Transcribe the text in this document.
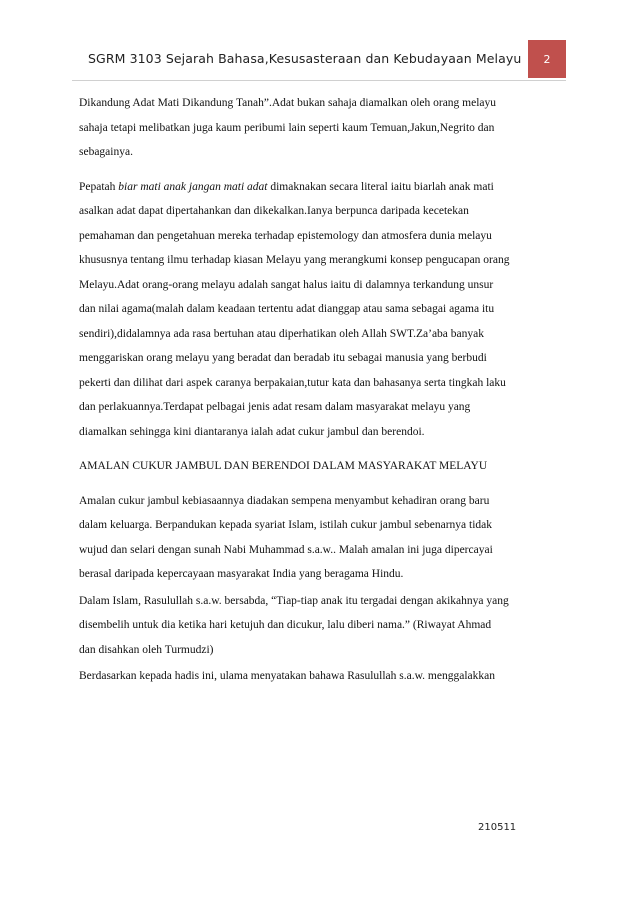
SGRM 3103 Sejarah Bahasa,Kesusasteraan dan Kebudayaan Melayu	2
Dikandung Adat Mati Dikandung Tanah”.Adat bukan sahaja diamalkan oleh orang melayu
sahaja tetapi melibatkan juga kaum peribumi lain seperti kaum Temuan,Jakun,Negrito dan
sebagainya.
Pepatah biar mati anak jangan mati adat dimaknakan secara literal iaitu biarlah anak mati
asalkan adat dapat dipertahankan dan dikekalkan.Ianya berpunca daripada kecetekan
pemahaman dan pengetahuan mereka terhadap epistemology dan atmosfera dunia melayu
khususnya tentang ilmu terhadap kiasan Melayu yang merangkumi konsep pengucapan orang
Melayu.Adat orang-orang melayu adalah sangat halus iaitu di dalamnya terkandung unsur
dan nilai agama(malah dalam keadaan tertentu adat dianggap atau sama sebagai agama itu
sendiri),didalamnya ada rasa bertuhan atau diperhatikan oleh Allah SWT.Za’aba banyak
menggariskan orang melayu yang beradat dan beradab itu sebagai manusia yang berbudi
pekerti dan dilihat dari aspek caranya berpakaian,tutur kata dan bahasanya serta tingkah laku
dan perlakuannya.Terdapat pelbagai jenis adat resam dalam masyarakat melayu yang
diamalkan sehingga kini diantaranya ialah adat cukur jambul dan berendoi.
AMALAN CUKUR JAMBUL DAN BERENDOI DALAM MASYARAKAT MELAYU
Amalan cukur jambul kebiasaannya diadakan sempena menyambut kehadiran orang baru
dalam keluarga. Berpandukan kepada syariat Islam, istilah cukur jambul sebenarnya tidak
wujud dan selari dengan sunah Nabi Muhammad s.a.w.. Malah amalan ini juga dipercayai
berasal daripada kepercayaan masyarakat India yang beragama Hindu.
Dalam Islam, Rasulullah s.a.w. bersabda, “Tiap-tiap anak itu tergadai dengan akikahnya yang
disembelih untuk dia ketika hari ketujuh dan dicukur, lalu diberi nama.” (Riwayat Ahmad
dan disahkan oleh Turmudzi)
Berdasarkan kepada hadis ini, ulama menyatakan bahawa Rasulullah s.a.w. menggalakkan
210511
